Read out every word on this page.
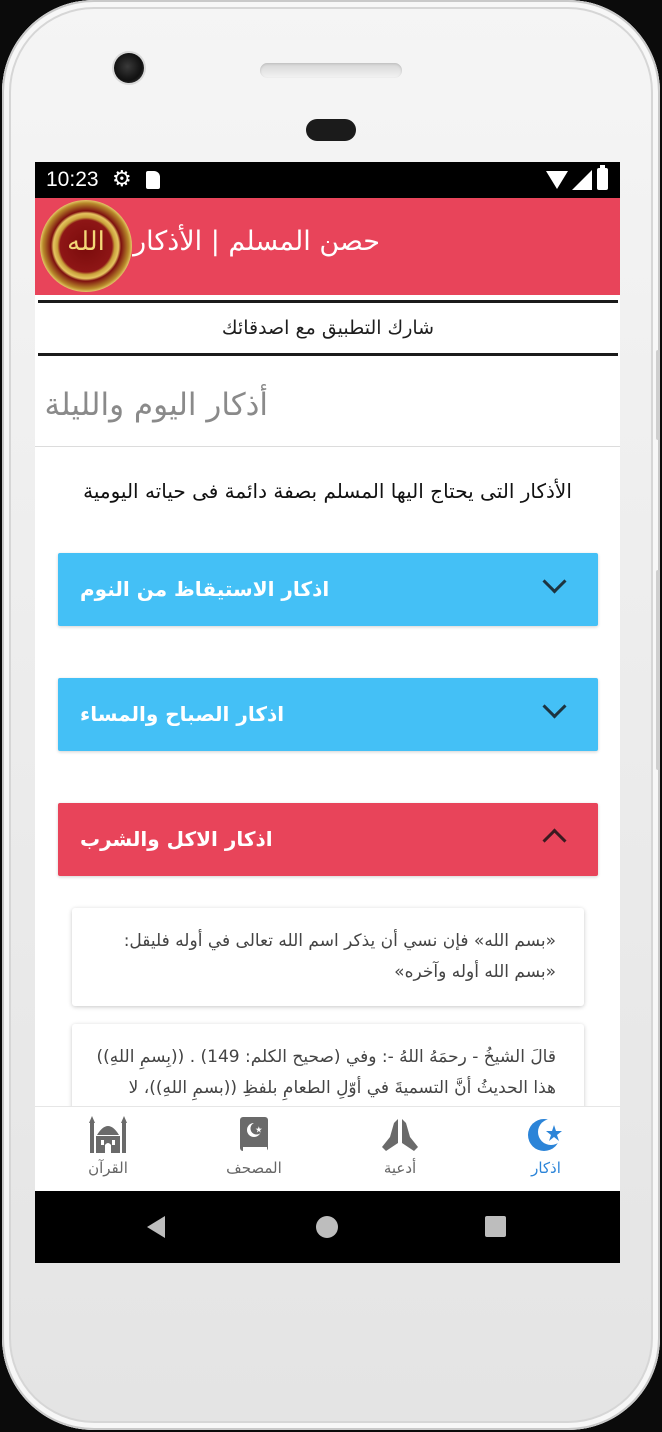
10:23 ⚙
الله	حصن المسلم | الأذكار
شارك التطبيق مع اصدقائك
أذكار اليوم والليلة
الأذكار التى يحتاج اليها المسلم بصفة دائمة فى حياته اليومية
اذكار الاستيقاظ من النوم
اذكار الصباح والمساء
اذكار الاكل والشرب

«بسم الله» فإن نسي أن يذكر اسم الله تعالى في أوله فليقل: «بسم الله أوله وآخره»

قالَ الشيخُ - رحمَهُ اللهُ -: وفي (صحيح الكلم: 149) . ((بِسمِ اللهِ)) هذا الحديثُ أنَّ التسميةَ في أوّلِ الطعامِ بلفظِ ((بسمِ اللهِ))، لا

القرآن	المصحف	أدعية	اذكار
